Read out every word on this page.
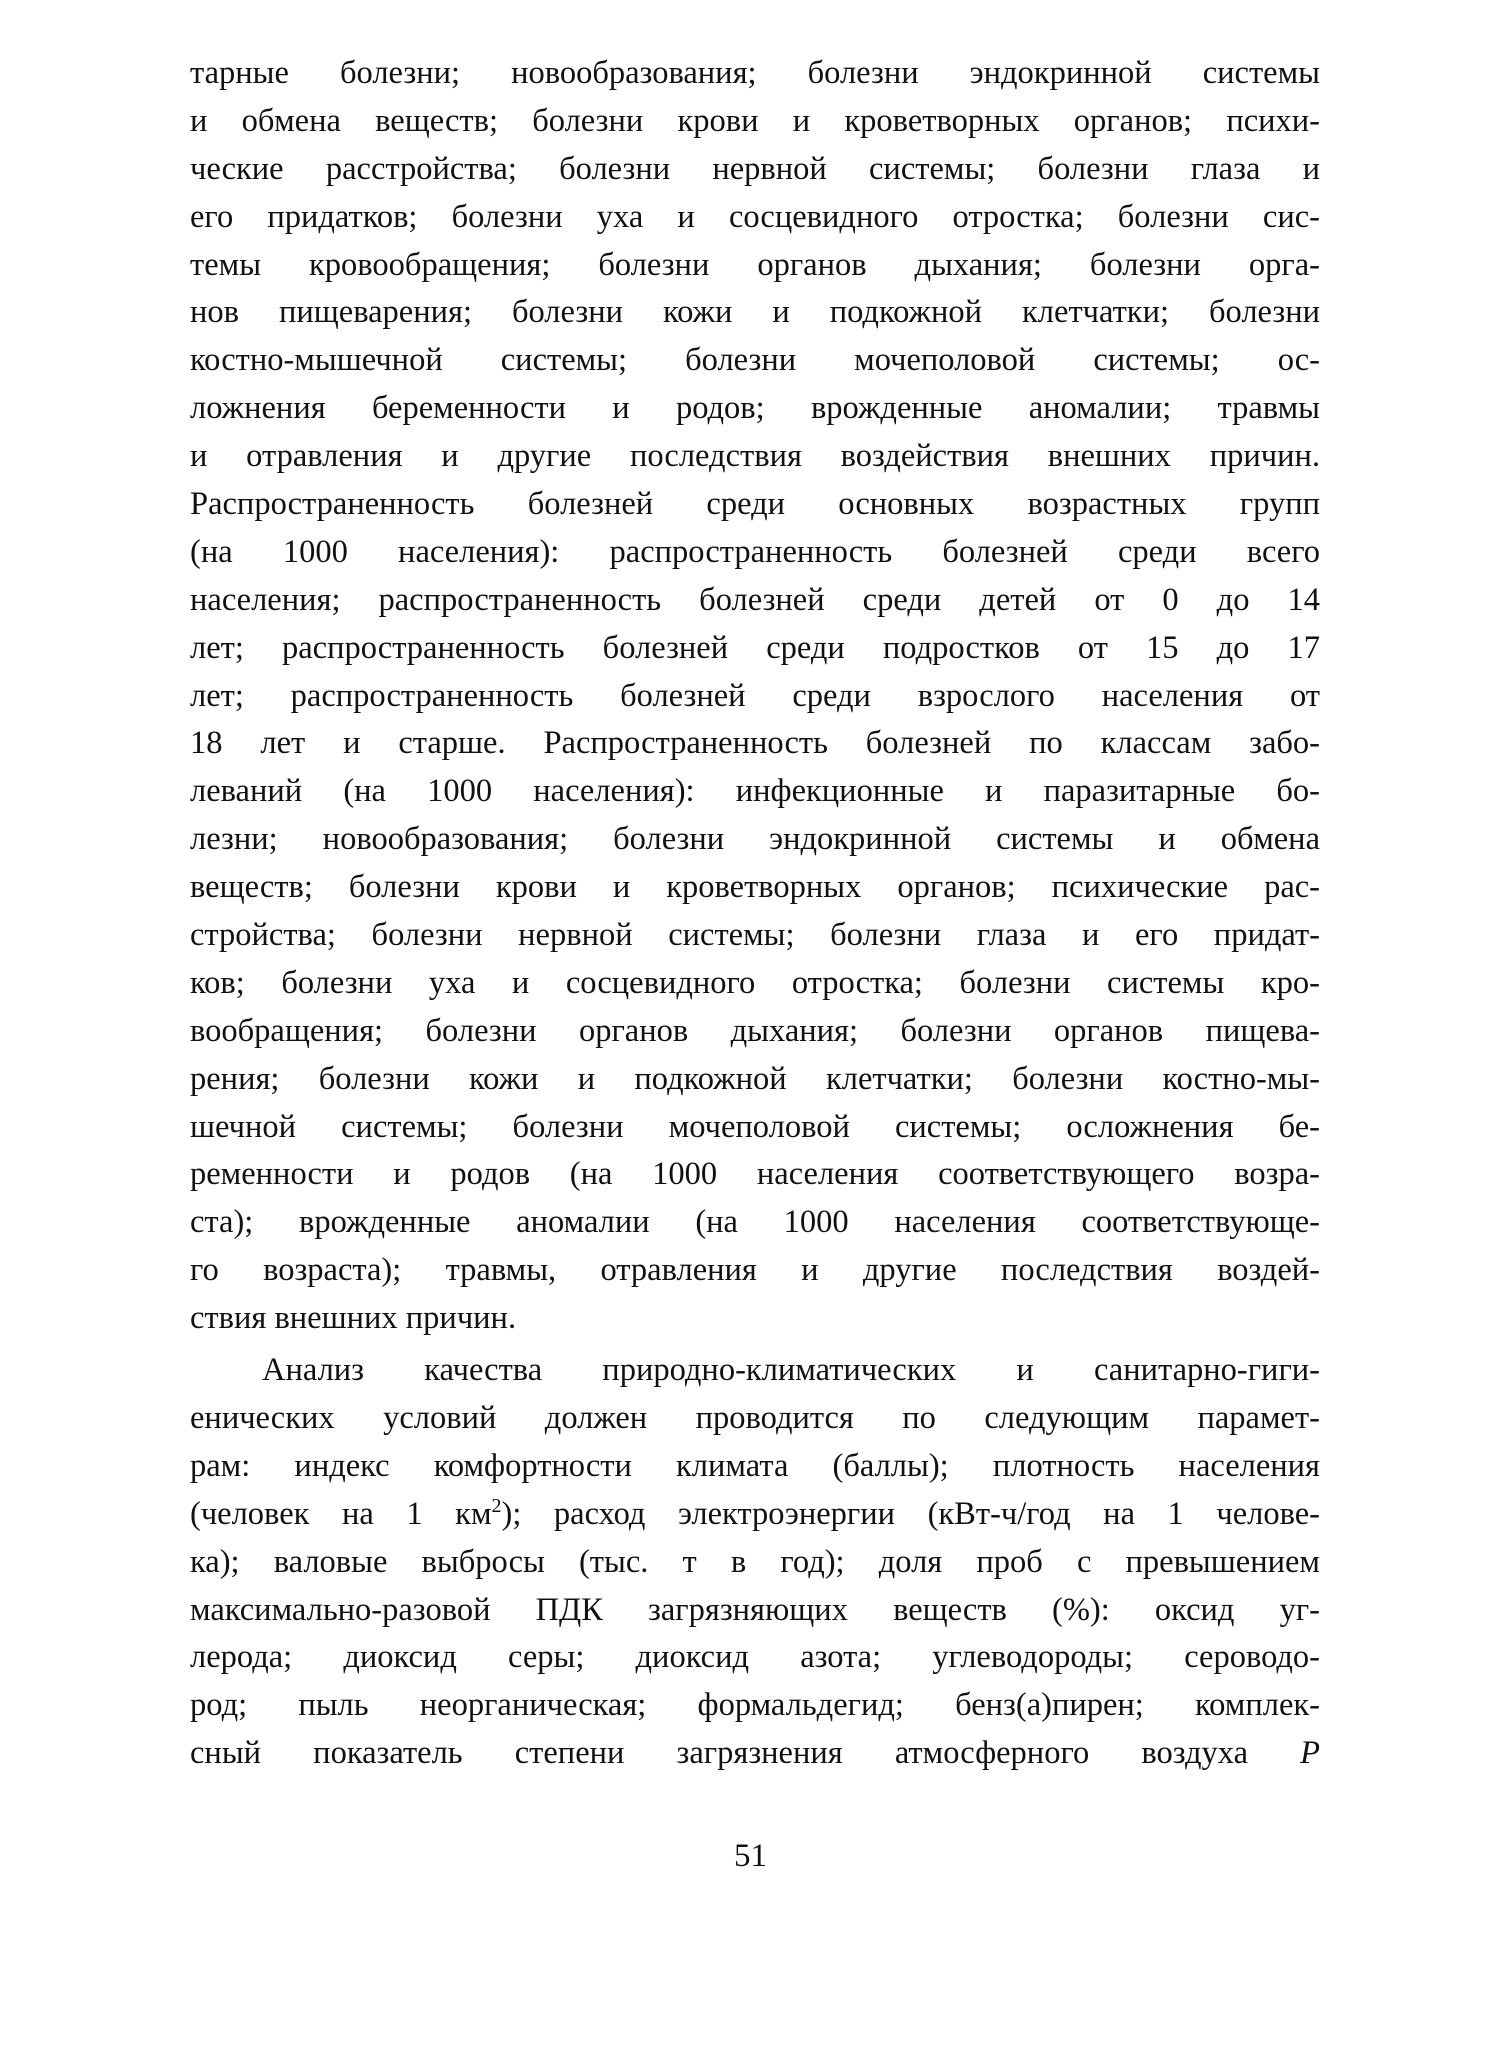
тарные болезни; новообразования; болезни эндокринной системы
и обмена веществ; болезни крови и кроветворных органов; психи-
ческие расстройства; болезни нервной системы; болезни глаза и
его придатков; болезни уха и сосцевидного отростка; болезни сис-
темы кровообращения; болезни органов дыхания; болезни орга-
нов пищеварения; болезни кожи и подкожной клетчатки; болезни
костно-мышечной системы; болезни мочеполовой системы; ос-
ложнения беременности и родов; врожденные аномалии; травмы
и отравления и другие последствия воздействия внешних причин.
Распространенность болезней среди основных возрастных групп
(на 1000 населения): распространенность болезней среди всего
населения; распространенность болезней среди детей от 0 до 14
лет; распространенность болезней среди подростков от 15 до 17
лет; распространенность болезней среди взрослого населения от
18 лет и старше. Распространенность болезней по классам забо-
леваний (на 1000 населения): инфекционные и паразитарные бо-
лезни; новообразования; болезни эндокринной системы и обмена
веществ; болезни крови и кроветворных органов; психические рас-
стройства; болезни нервной системы; болезни глаза и его придат-
ков; болезни уха и сосцевидного отростка; болезни системы кро-
вообращения; болезни органов дыхания; болезни органов пищева-
рения; болезни кожи и подкожной клетчатки; болезни костно-мы-
шечной системы; болезни мочеполовой системы; осложнения бе-
ременности и родов (на 1000 населения соответствующего возра-
ста); врожденные аномалии (на 1000 населения соответствующе-
го возраста); травмы, отравления и другие последствия воздей-
ствия внешних причин.
Анализ качества природно-климатических и санитарно-гиги-
енических условий должен проводится по следующим парамет-
рам: индекс комфортности климата (баллы); плотность населения
(человек на 1 $км^2$); расход электроэнергии (кВт-ч/год на 1 челове-
ка); валовые выбросы (тыс. т в год); доля проб с превышением
максимально-разовой ПДК загрязняющих веществ (%): оксид уг-
лерода; диоксид серы; диоксид азота; углеводороды; сероводо-
род; пыль неорганическая; формальдегид; бенз(а)пирен; комплек-
сный показатель степени загрязнения атмосферного воздуха P
51
